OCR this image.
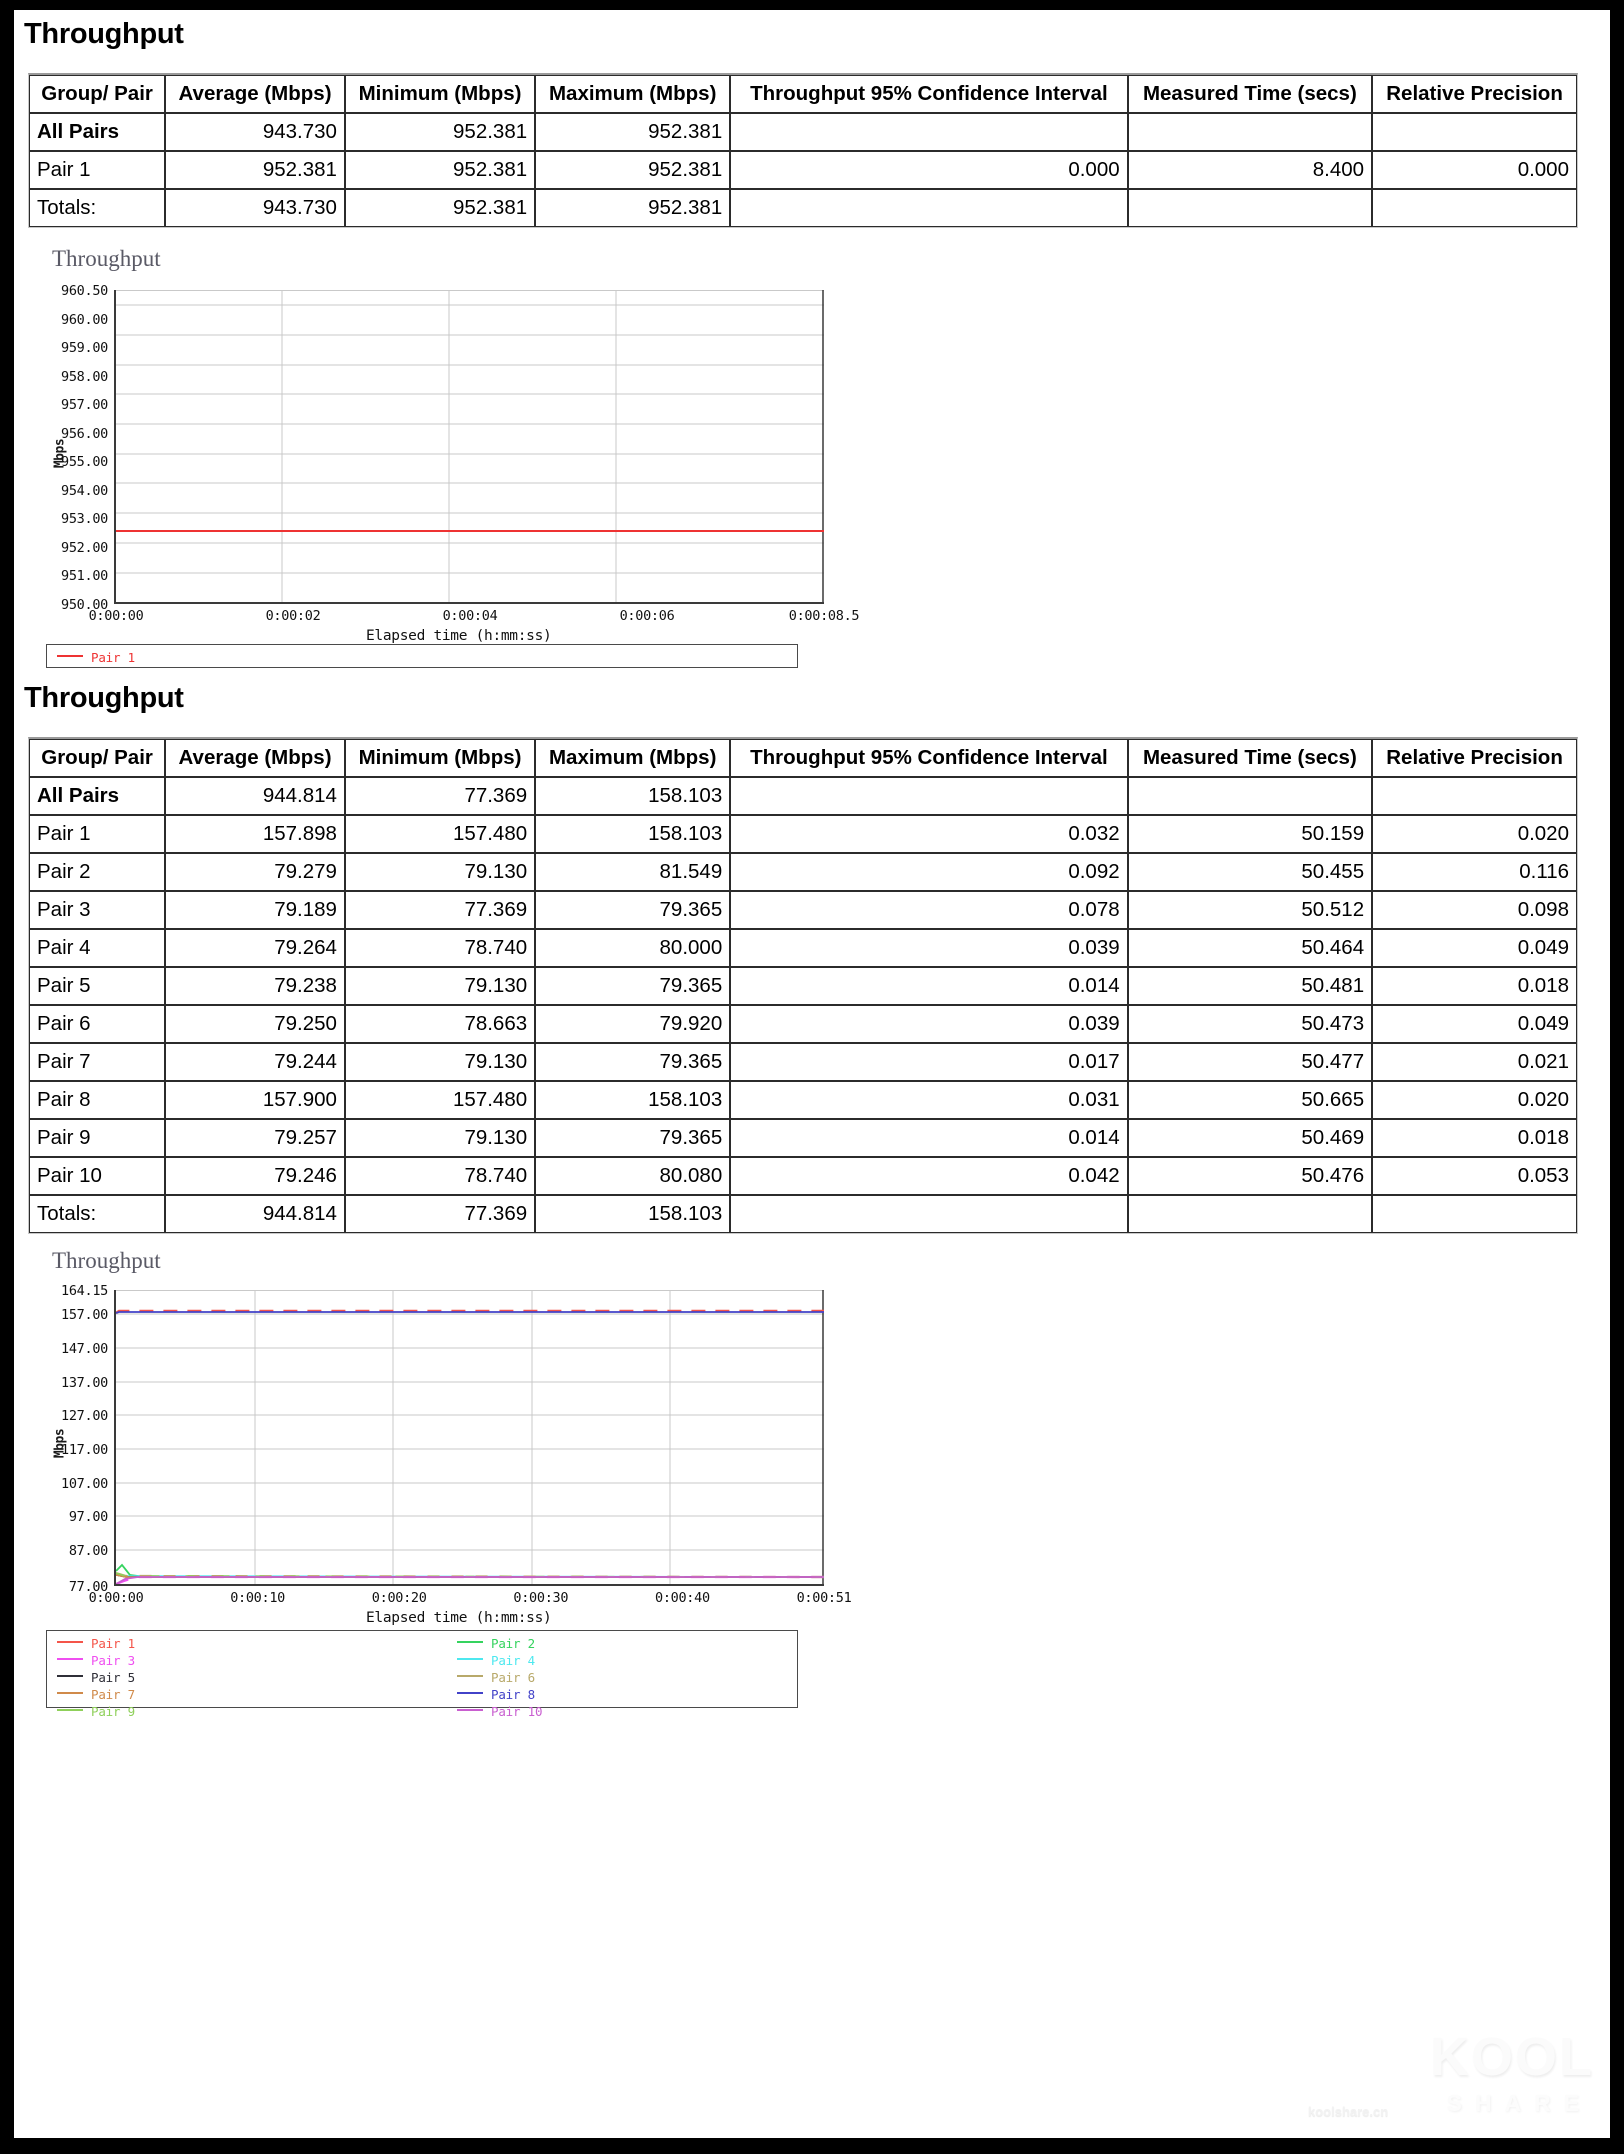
Throughput
Group/ Pair	Average (Mbps)	Minimum (Mbps)	Maximum (Mbps)	Throughput 95% Confidence Interval	Measured Time (secs)	Relative Precision
All Pairs	943.730	952.381	952.381			
Pair 1	952.381	952.381	952.381	0.000	8.400	0.000
Totals:	943.730	952.381	952.381			
Throughput
Mbps
960.50
960.00
959.00
958.00
957.00
956.00
955.00
954.00
953.00
952.00
951.00
950.00
0:00:00	0:00:02	0:00:04	0:00:06	0:00:08.5
Elapsed time (h:mm:ss)
Pair 1
Throughput
Group/ Pair	Average (Mbps)	Minimum (Mbps)	Maximum (Mbps)	Throughput 95% Confidence Interval	Measured Time (secs)	Relative Precision
All Pairs	944.814	77.369	158.103			
Pair 1	157.898	157.480	158.103	0.032	50.159	0.020
Pair 2	79.279	79.130	81.549	0.092	50.455	0.116
Pair 3	79.189	77.369	79.365	0.078	50.512	0.098
Pair 4	79.264	78.740	80.000	0.039	50.464	0.049
Pair 5	79.238	79.130	79.365	0.014	50.481	0.018
Pair 6	79.250	78.663	79.920	0.039	50.473	0.049
Pair 7	79.244	79.130	79.365	0.017	50.477	0.021
Pair 8	157.900	157.480	158.103	0.031	50.665	0.020
Pair 9	79.257	79.130	79.365	0.014	50.469	0.018
Pair 10	79.246	78.740	80.080	0.042	50.476	0.053
Totals:	944.814	77.369	158.103			
Throughput
Mbps
164.15
157.00
147.00
137.00
127.00
117.00
107.00
97.00
87.00
77.00
0:00:00	0:00:10	0:00:20	0:00:30	0:00:40	0:00:51
Elapsed time (h:mm:ss)
Pair 1	Pair 2
Pair 3	Pair 4
Pair 5	Pair 6
Pair 7	Pair 8
Pair 9	Pair 10
KOOL
SHARE
koolshare.cn
